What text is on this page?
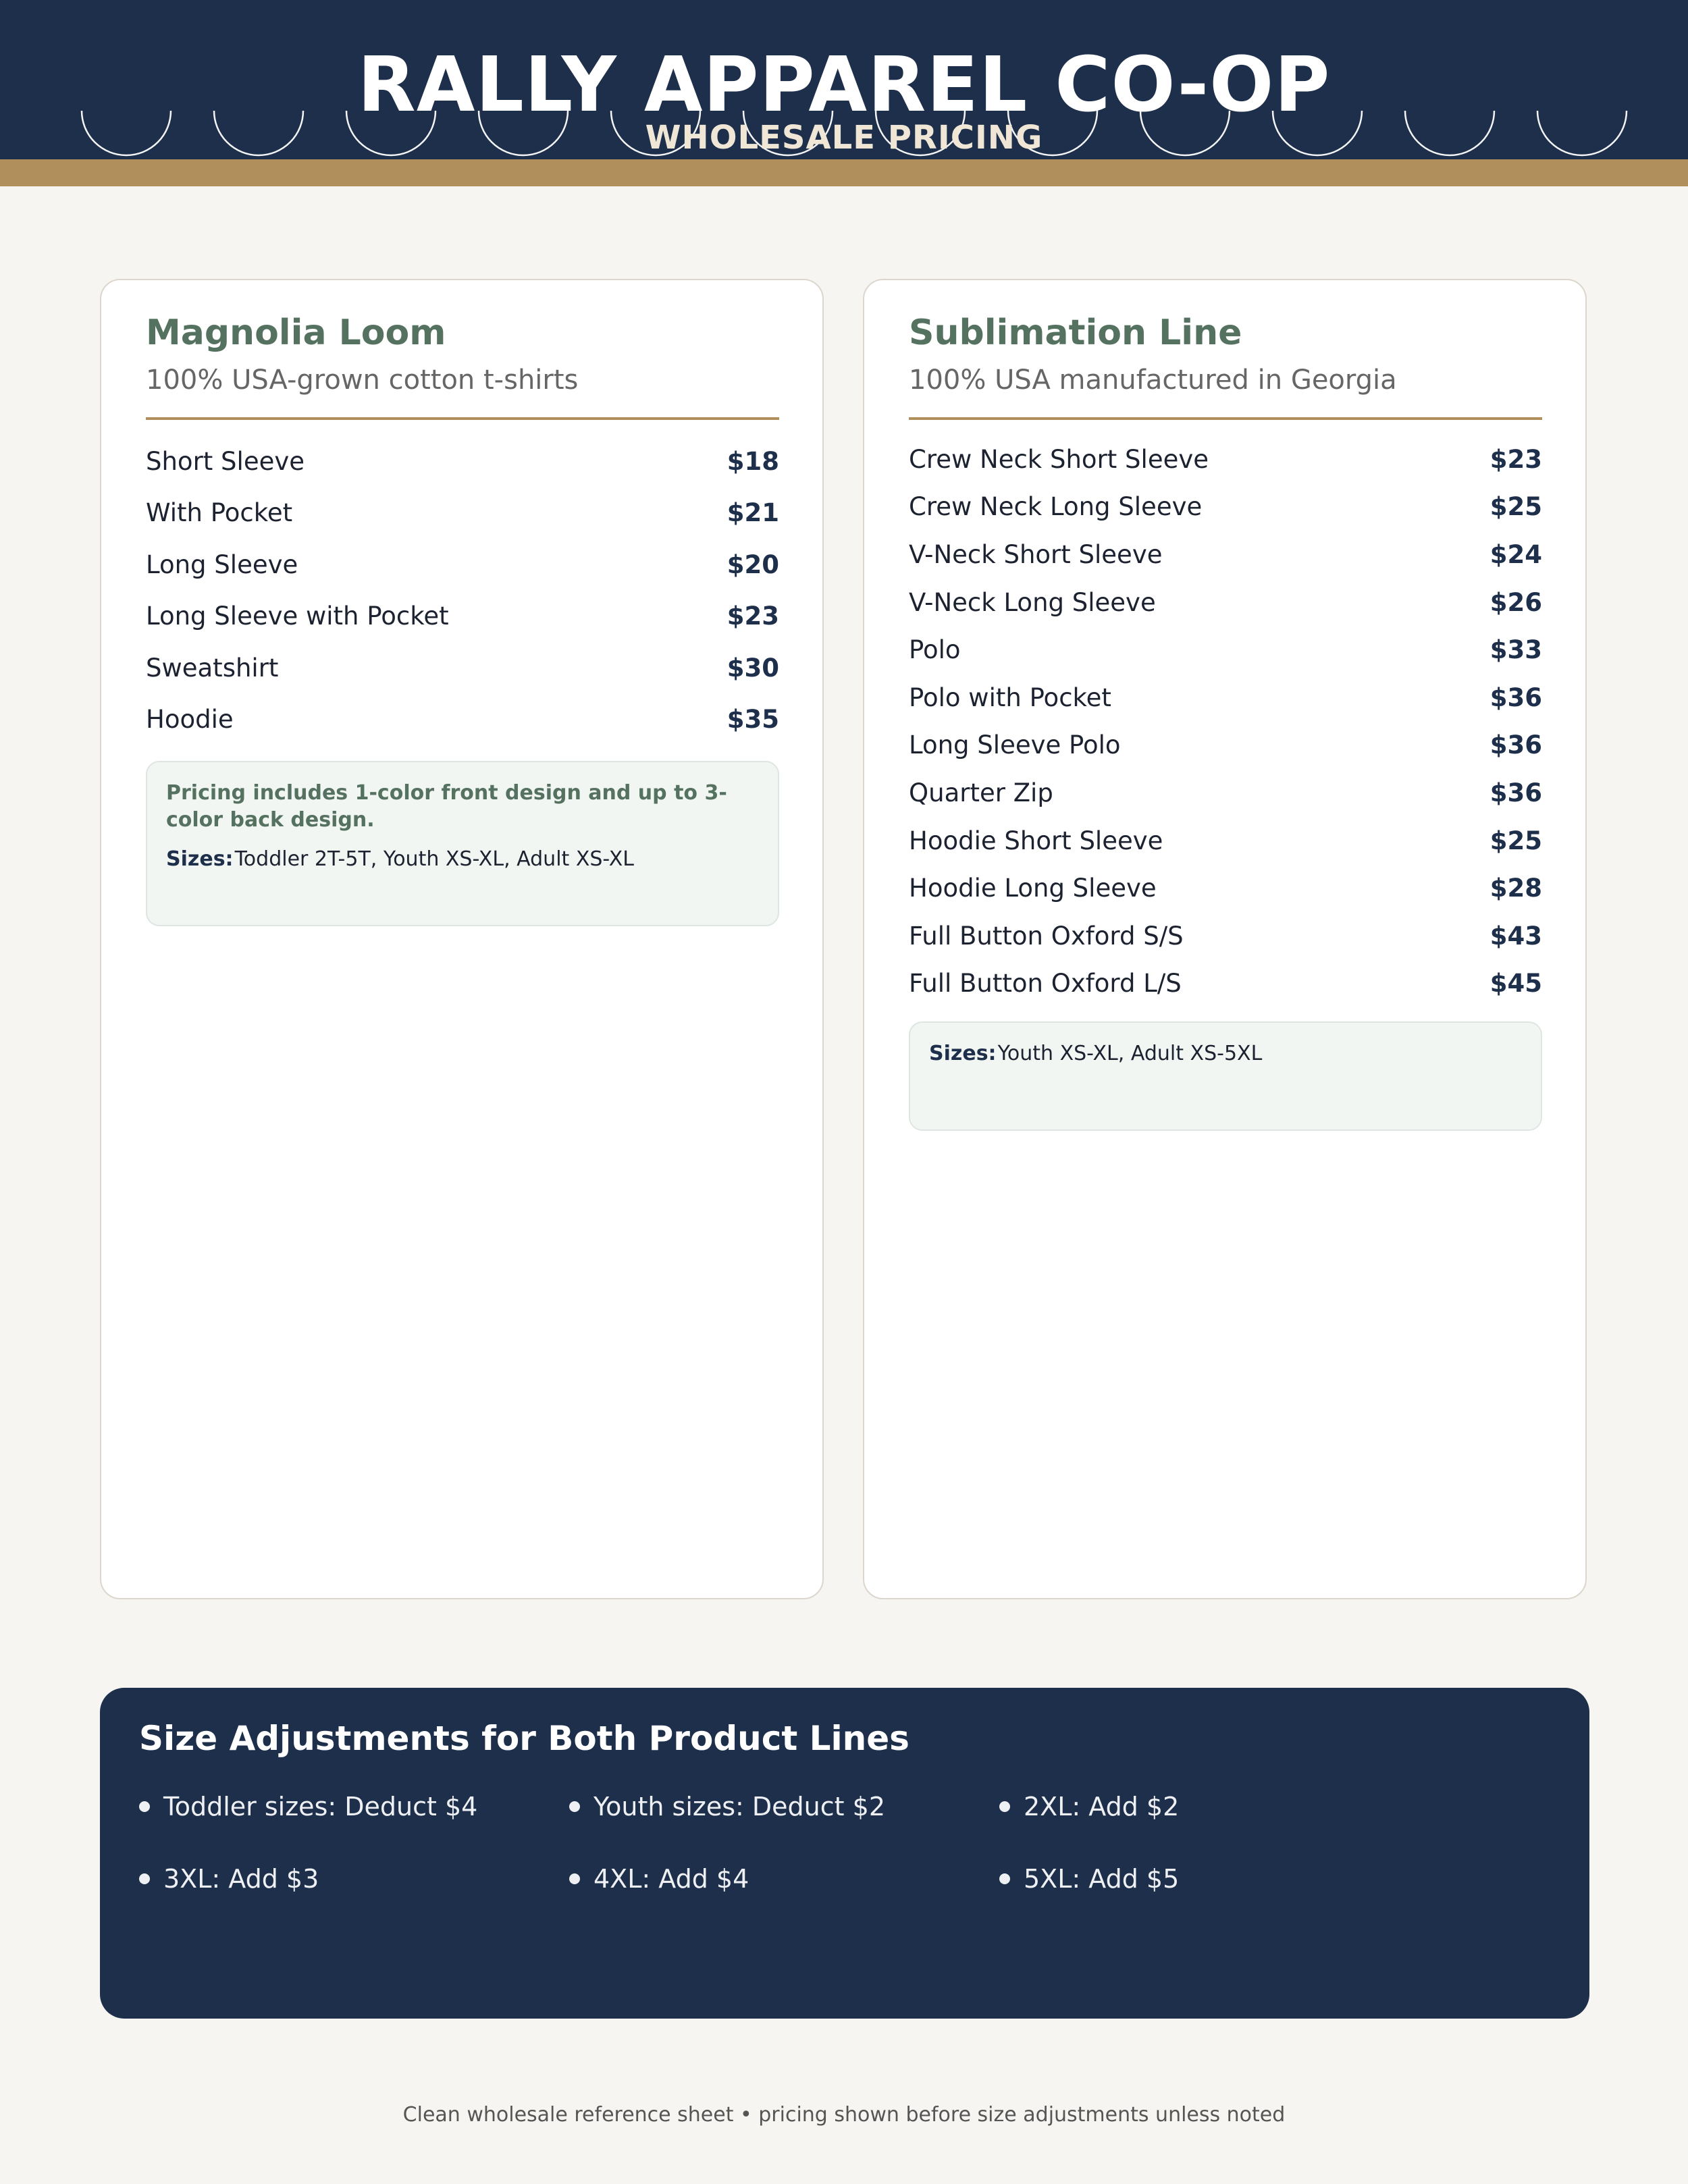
RALLY APPAREL CO-OP
WHOLESALE PRICING
Magnolia Loom
100% USA-grown cotton t-shirts
Short Sleeve	$18
With Pocket	$21
Long Sleeve	$20
Long Sleeve with Pocket	$23
Sweatshirt	$30
Hoodie	$35
Pricing includes 1-color front design and up to 3-color back design.
Sizes:Toddler 2T-5T, Youth XS-XL, Adult XS-XL
Sublimation Line
100% USA manufactured in Georgia
Crew Neck Short Sleeve	$23
Crew Neck Long Sleeve	$25
V-Neck Short Sleeve	$24
V-Neck Long Sleeve	$26
Polo	$33
Polo with Pocket	$36
Long Sleeve Polo	$36
Quarter Zip	$36
Hoodie Short Sleeve	$25
Hoodie Long Sleeve	$28
Full Button Oxford S/S	$43
Full Button Oxford L/S	$45
Sizes:Youth XS-XL, Adult XS-5XL
Size Adjustments for Both Product Lines
Toddler sizes: Deduct $4	Youth sizes: Deduct $2	2XL: Add $2
3XL: Add $3	4XL: Add $4	5XL: Add $5
Clean wholesale reference sheet • pricing shown before size adjustments unless noted
